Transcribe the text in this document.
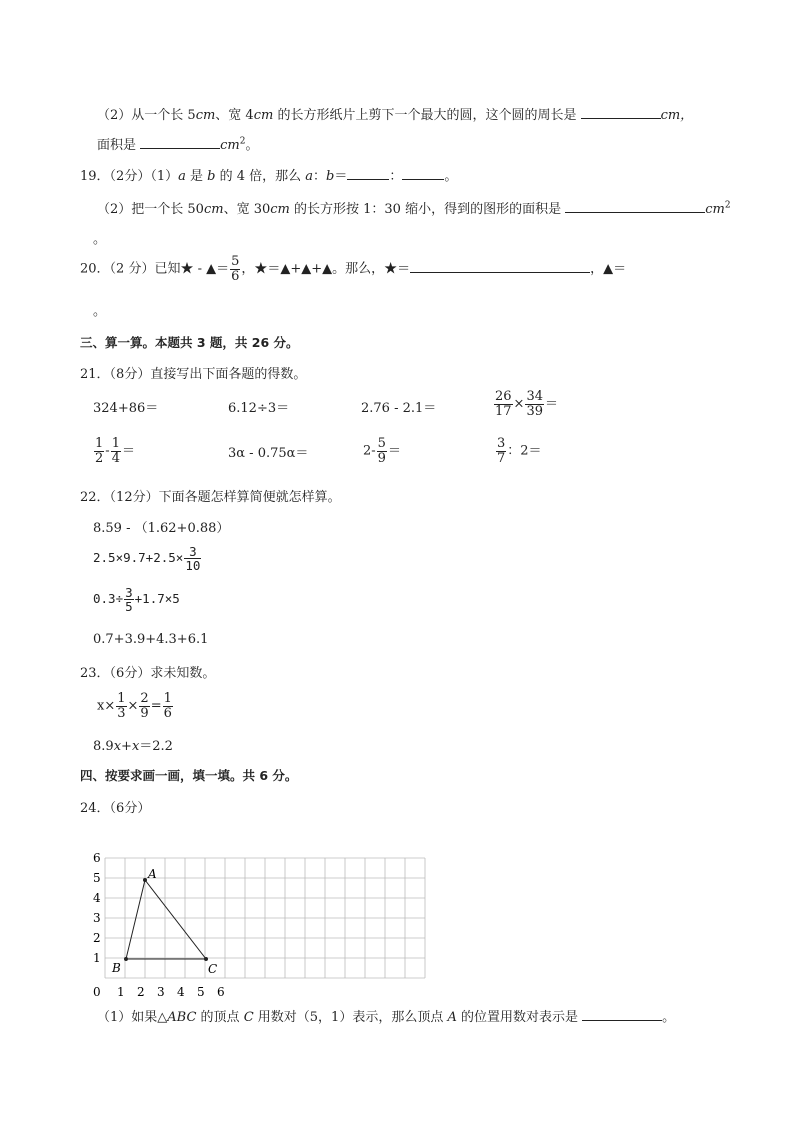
（2）从一个长 5cm、宽 4cm 的长方形纸片上剪下一个最大的圆，这个圆的周长是	cm，
面积是	$cm^2$。
19．（2分）（1）a 是 b 的 4 倍，那么 a：b＝	：	。
（2）把一个长 50cm、宽 30cm 的长方形按 1：30 缩小，得到的图形的面积是	$cm^2$
。
20．（2 分）已知★ - ▲＝ $\frac{5}{6}$ ，★＝▲+▲+▲。那么，★＝	，▲＝
。
三、算一算。本题共 3 题，共 26 分。
21．（8分）直接写出下面各题的得数。
324+86＝	6.12÷3＝	2.76 - 2.1＝	$\frac{26}{17} \times \frac{34}{39}$ ＝
$\frac{1}{2} - \frac{1}{4}$ ＝	3α - 0.75α＝	$2- \frac{5}{9}$ ＝	$\frac{3}{7}$ ：2＝
22．（12分）下面各题怎样算简便就怎样算。
8.59 - （1.62+0.88）
$2.5\times 9.7+2.5\times \frac{3}{10}$
$0.3\div \frac{3}{5} +1.7\times 5$
0.7+3.9+4.3+6.1
23．（6分）求未知数。
$x\times \frac{1}{3} \times \frac{2}{9} = \frac{1}{6}$
8.9x+x＝2.2
四、按要求画一画，填一填。共 6 分。
24．（6分）
1
2
3
4
5
6
0 1 2 3 4 5 6
A
B	C
（1）如果△ABC 的顶点 C 用数对（5，1）表示，那么顶点 A 的位置用数对表示是	。
